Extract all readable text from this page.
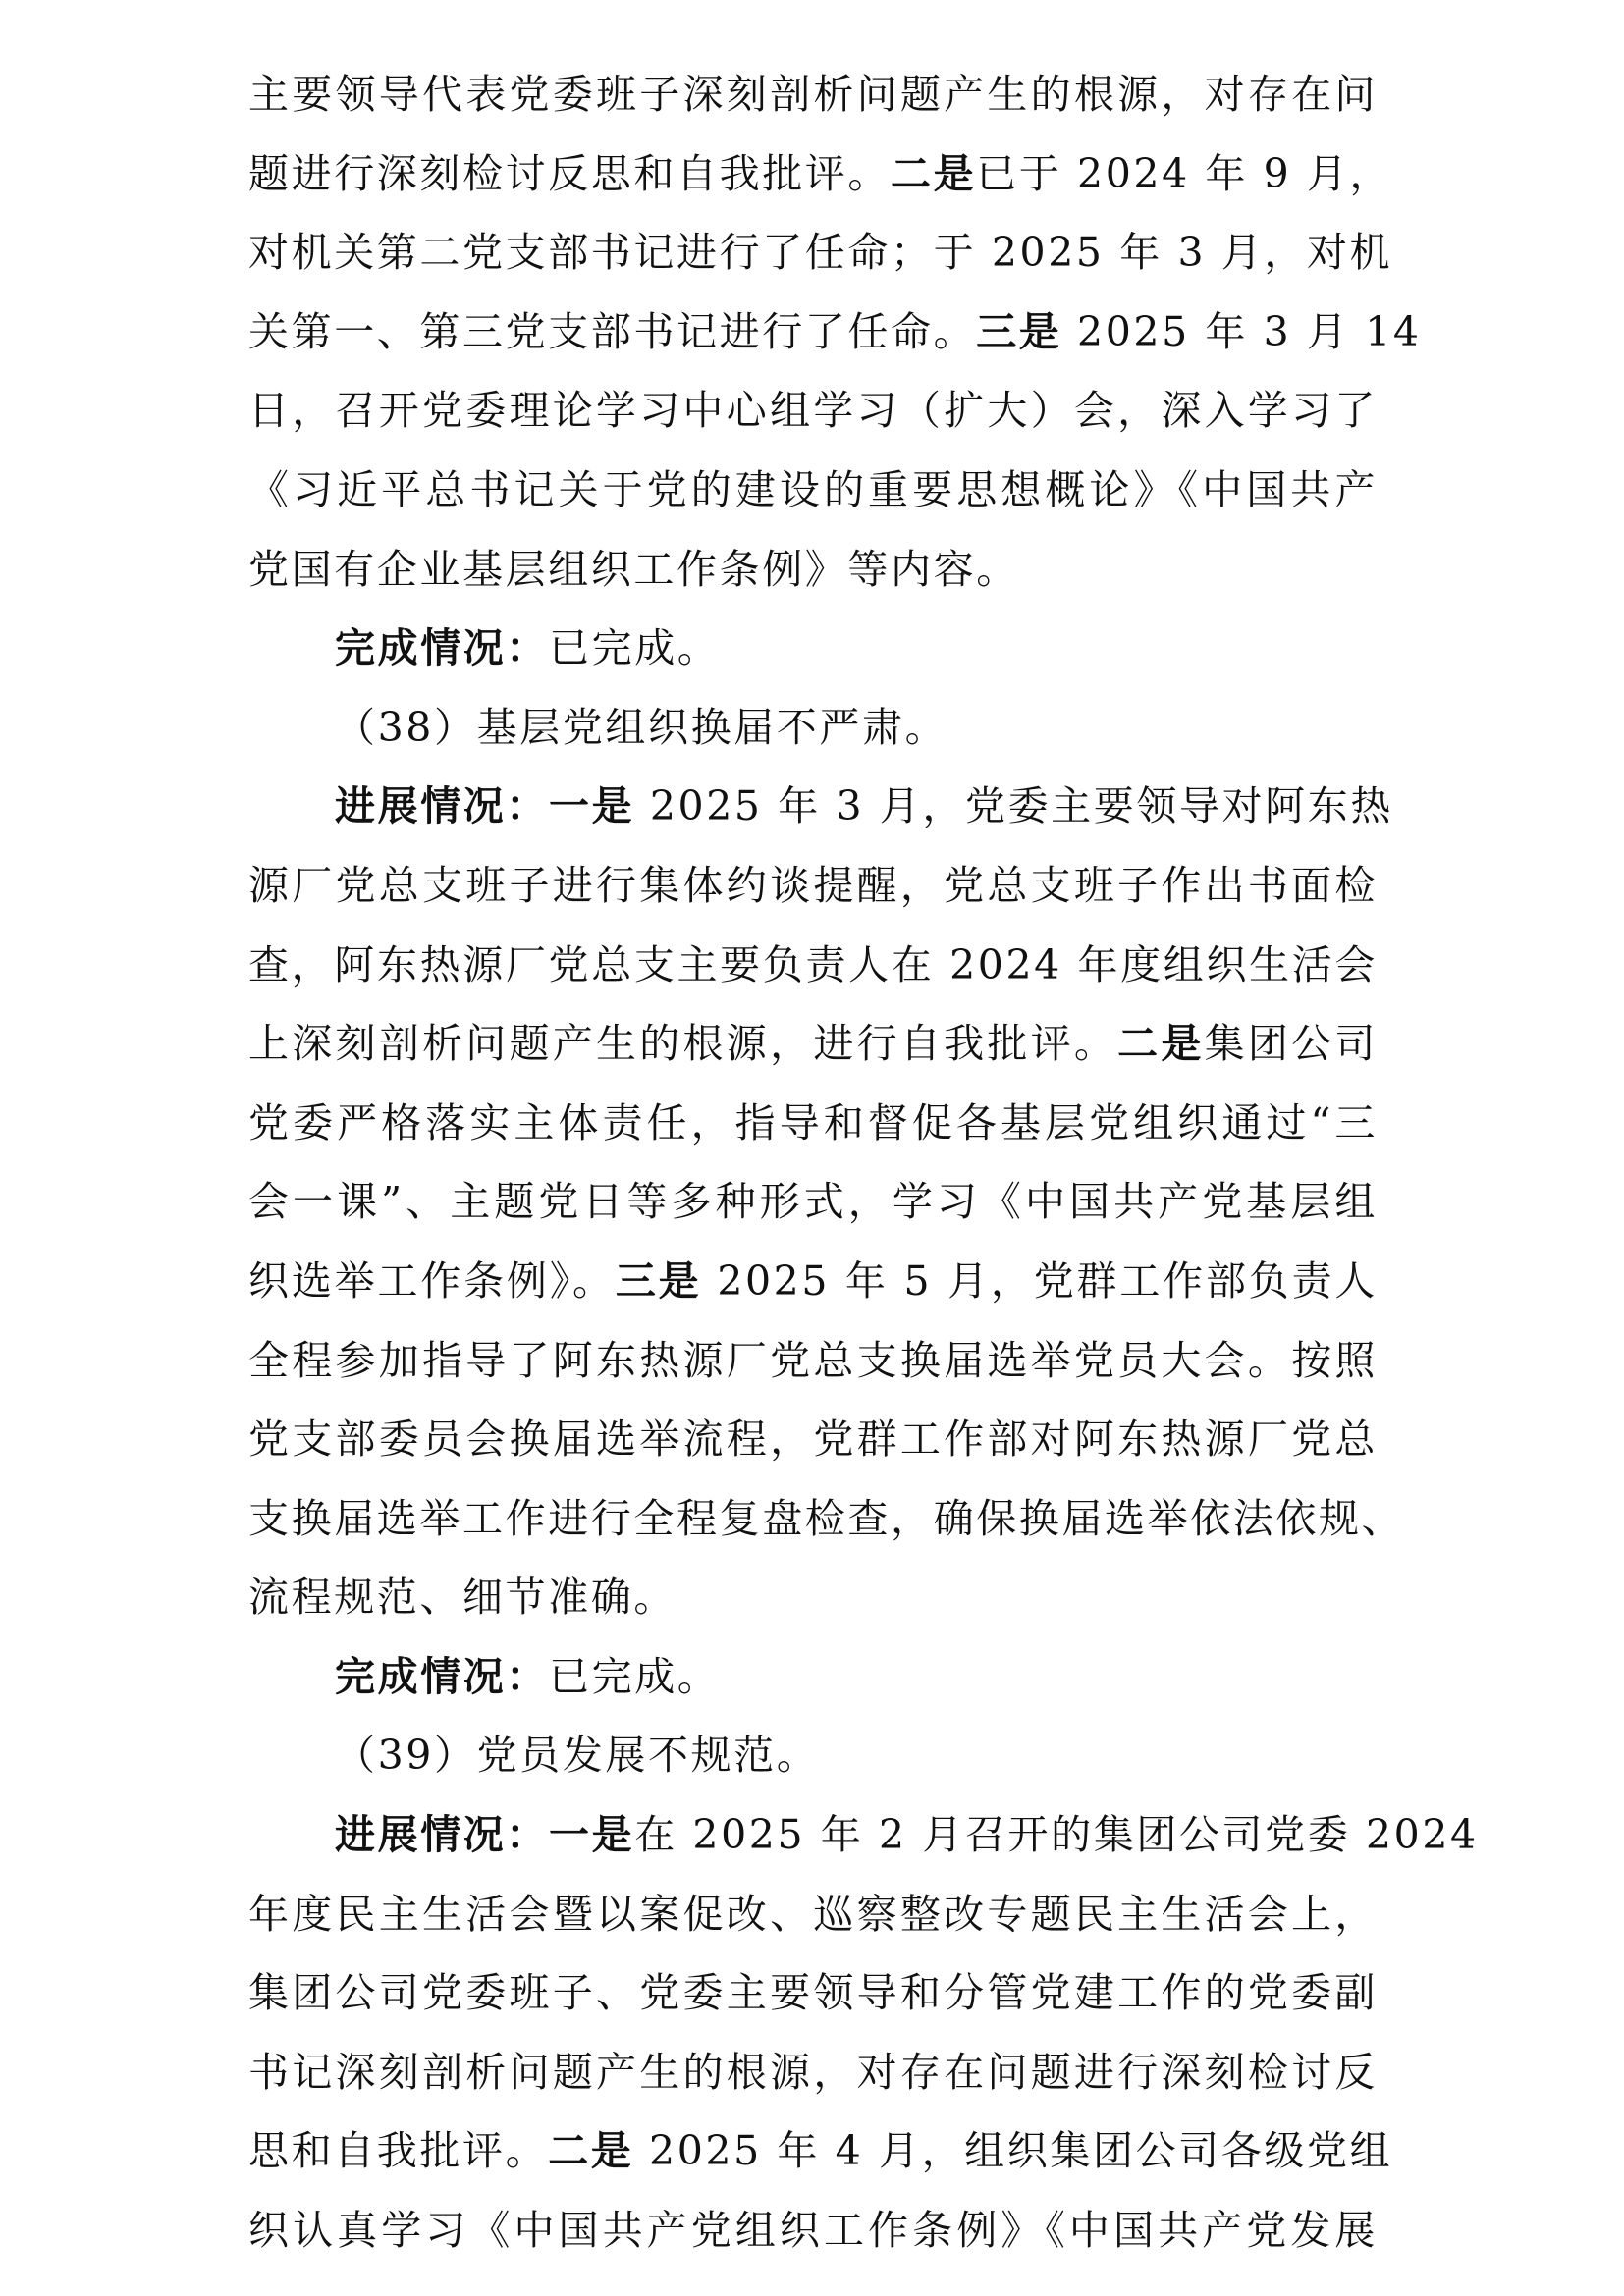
主要领导代表党委班子深刻剖析问题产生的根源，对存在问
题进行深刻检讨反思和自我批评。二是已于 2024 年 9 月，
对机关第二党支部书记进行了任命；于 2025 年 3 月，对机
关第一、第三党支部书记进行了任命。三是 2025 年 3 月 14
日，召开党委理论学习中心组学习（扩大）会，深入学习了
《习近平总书记关于党的建设的重要思想概论》《中国共产
党国有企业基层组织工作条例》等内容。
完成情况：已完成。
（38）基层党组织换届不严肃。
进展情况：一是 2025 年 3 月，党委主要领导对阿东热
源厂党总支班子进行集体约谈提醒，党总支班子作出书面检
查，阿东热源厂党总支主要负责人在 2024 年度组织生活会
上深刻剖析问题产生的根源，进行自我批评。二是集团公司
党委严格落实主体责任，指导和督促各基层党组织通过“三
会一课”、主题党日等多种形式，学习《中国共产党基层组
织选举工作条例》。三是 2025 年 5 月，党群工作部负责人
全程参加指导了阿东热源厂党总支换届选举党员大会。按照
党支部委员会换届选举流程，党群工作部对阿东热源厂党总
支换届选举工作进行全程复盘检查，确保换届选举依法依规、
流程规范、细节准确。
完成情况：已完成。
（39）党员发展不规范。
进展情况：一是在 2025 年 2 月召开的集团公司党委 2024
年度民主生活会暨以案促改、巡察整改专题民主生活会上，
集团公司党委班子、党委主要领导和分管党建工作的党委副
书记深刻剖析问题产生的根源，对存在问题进行深刻检讨反
思和自我批评。二是 2025 年 4 月，组织集团公司各级党组
织认真学习《中国共产党组织工作条例》《中国共产党发展
